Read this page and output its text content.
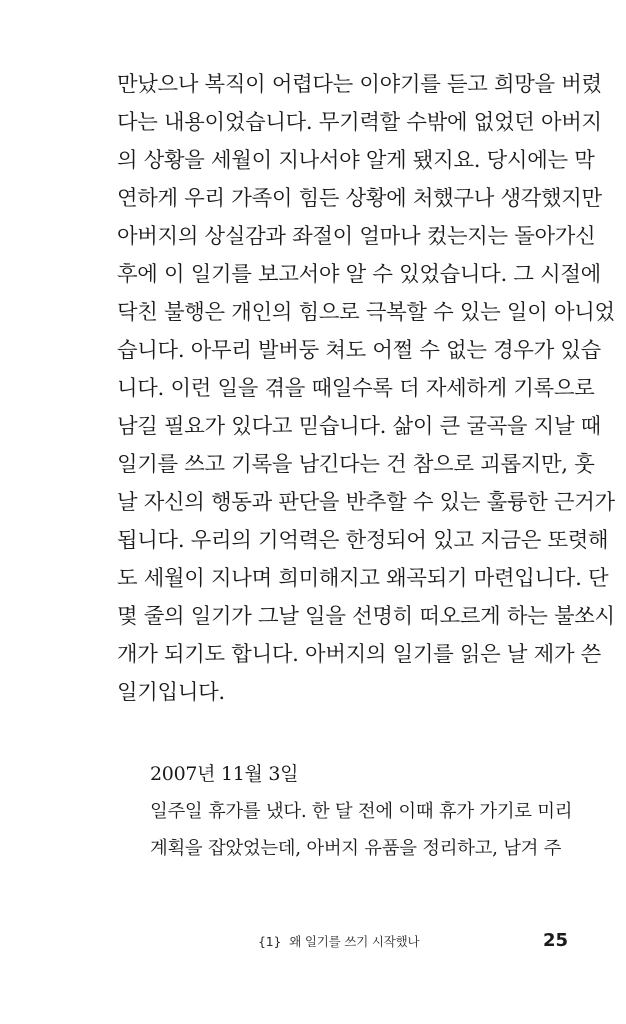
만났으나 복직이 어렵다는 이야기를 듣고 희망을 버렸
다는 내용이었습니다. 무기력할 수밖에 없었던 아버지
의 상황을 세월이 지나서야 알게 됐지요. 당시에는 막
연하게 우리 가족이 힘든 상황에 처했구나 생각했지만
아버지의 상실감과 좌절이 얼마나 컸는지는 돌아가신
후에 이 일기를 보고서야 알 수 있었습니다. 그 시절에
닥친 불행은 개인의 힘으로 극복할 수 있는 일이 아니었
습니다. 아무리 발버둥 쳐도 어쩔 수 없는 경우가 있습
니다. 이런 일을 겪을 때일수록 더 자세하게 기록으로
남길 필요가 있다고 믿습니다. 삶이 큰 굴곡을 지날 때
일기를 쓰고 기록을 남긴다는 건 참으로 괴롭지만, 훗
날 자신의 행동과 판단을 반추할 수 있는 훌륭한 근거가
됩니다. 우리의 기억력은 한정되어 있고 지금은 또렷해
도 세월이 지나며 희미해지고 왜곡되기 마련입니다. 단
몇 줄의 일기가 그날 일을 선명히 떠오르게 하는 불쏘시
개가 되기도 합니다. 아버지의 일기를 읽은 날 제가 쓴
일기입니다.
2007년 11월 3일
일주일 휴가를 냈다. 한 달 전에 이때 휴가 가기로 미리
계획을 잡았었는데, 아버지 유품을 정리하고, 남겨 주
{1} 왜 일기를 쓰기 시작했나	25
